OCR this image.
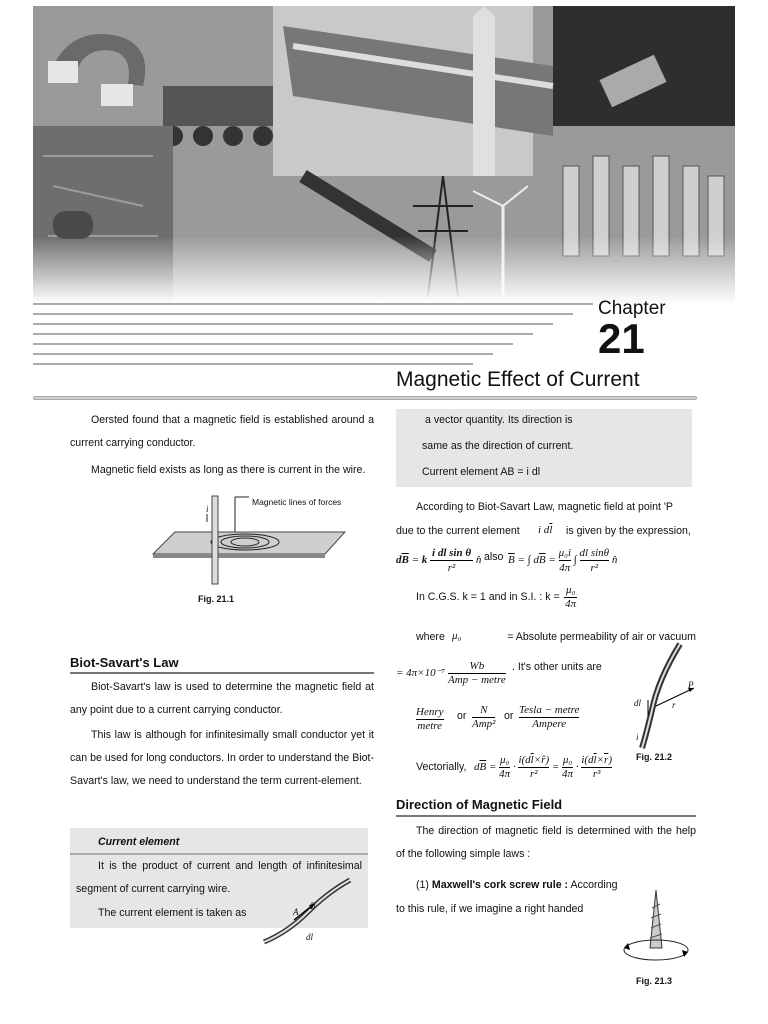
Chapter
21
Magnetic Effect of Current
Oersted found that a magnetic field is established around a current carrying conductor.
Magnetic field exists as long as there is current in the wire.
i
Magnetic lines of forces
Fig. 21.1
Biot-Savart's Law
Biot-Savart's law is used to determine the magnetic field at any point due to a current carrying conductor.
This law is although for infinitesimally small conductor yet it can be used for long conductors. In order to understand the Biot-Savart's law, we need to understand the term current-element.
Current element
It is the product of current and length of infinitesimal segment of current carrying wire.
The current element is taken as	A
B
dl
a vector quantity. Its direction is
same as the direction of current.
Current element AB = i dl
According to Biot-Savart Law, magnetic field at point 'P
due to the current element i $d\overline{l}$ is given by the expression,
$d\overline{B} = k \frac{\text{i dl sin θ}}{\text{r²}}$ n̂ also $\overline{B}$ = ∫ $d\overline{B} = \frac{\text{μ₀i}}{4\pi}$ ∫ $\frac{\text{dl sinθ}}{\text{r²}}$ n̂
In C.G.S. k = 1 and in S.I. : k =
μ₀
4π
where μ₀	= Absolute permeability of air or vacuum
= 4π×10⁻⁷
Wb
Amp − metre
. It's other units are
Henry
metre
or	N
Amp²
or Tesla − metre
Ampere
P
dl	r
i
Fig. 21.2
Vectorially, $d\overline{B} = \frac{\text{μ₀}}{4\pi} \cdot \frac{i(d\overline{l}\times r̂)}{\text{r²}} = \frac{\text{μ₀}}{4\pi} \cdot \frac{i(d\overline{l}\times\overline{r})}{\text{r³}}$
Direction of Magnetic Field
The direction of magnetic field is determined with the help of the following simple laws :
(1) Maxwell's cork screw rule : According
to this rule, if we imagine a right handed
Fig. 21.3
